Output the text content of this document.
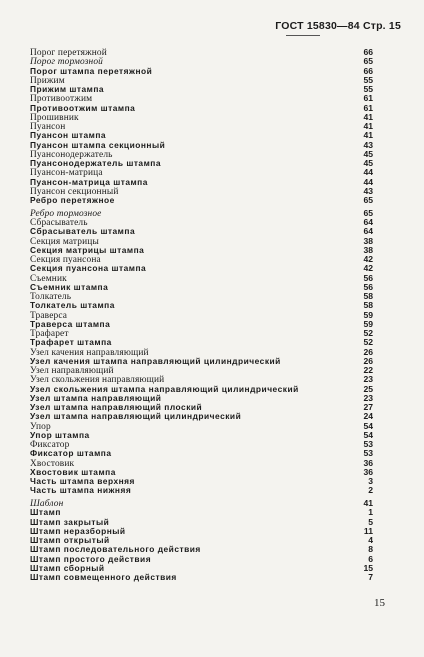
ГОСТ 15830—84 Стр. 15
Порог перетяжной	66
Порог тормозной	65
Порог штампа перетяжной	66
Прижим	55
Прижим штампа	55
Противоотжим	61
Противоотжим штампа	61
Прошивник	41
Пуансон	41
Пуансон штампа	41
Пуансон штампа секционный	43
Пуансонодержатель	45
Пуансонодержатель штампа	45
Пуансон-матрица	44
Пуансон-матрица штампа	44
Пуансон секционный	43
Ребро перетяжное	65
Ребро тормозное	65
Сбрасыватель	64
Сбрасыватель штампа	64
Секция матрицы	38
Секция матрицы штампа	38
Секция пуансона	42
Секция пуансона штампа	42
Съемник	56
Съемник штампа	56
Толкатель	58
Толкатель штампа	58
Траверса	59
Траверса штампа	59
Трафарет	52
Трафарет штампа	52
Узел качения направляющий	26
Узел качения штампа направляющий цилиндрический	26
Узел направляющий	22
Узел скольжения направляющий	23
Узел скольжения штампа направляющий цилиндрический	25
Узел штампа направляющий	23
Узел штампа направляющий плоский	27
Узел штампа направляющий цилиндрический	24
Упор	54
Упор штампа	54
Фиксатор	53
Фиксатор штампа	53
Хвостовик	36
Хвостовик штампа	36
Часть штампа верхняя	3
Часть штампа нижняя	2
Шаблон	41
Штамп	1
Штамп закрытый	5
Штамп неразборный	11
Штамп открытый	4
Штамп последовательного действия	8
Штамп простого действия	6
Штамп сборный	15
Штамп совмещенного действия	7
15
